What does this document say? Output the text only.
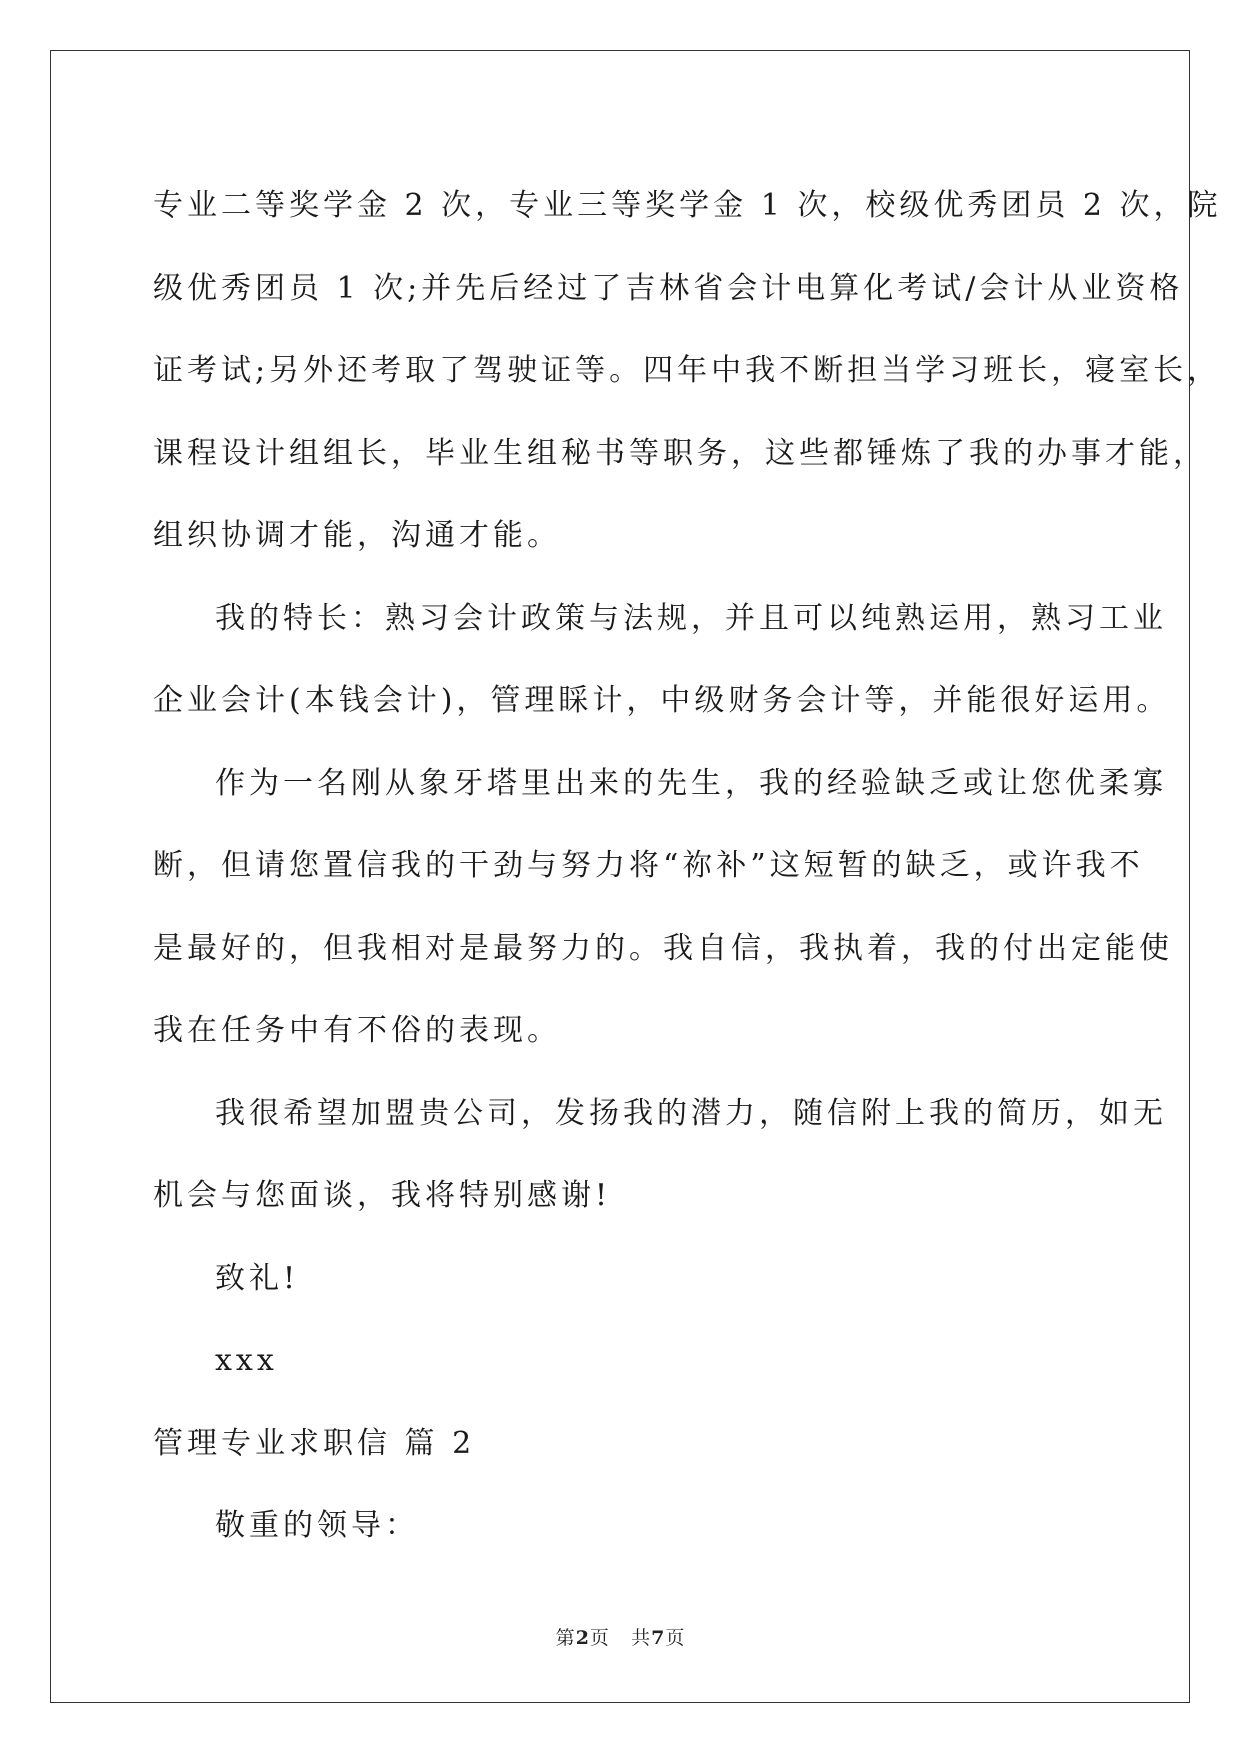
专业二等奖学金 2 次，专业三等奖学金 1 次，校级优秀团员 2 次，院
级优秀团员 1 次;并先后经过了吉林省会计电算化考试/会计从业资格
证考试;另外还考取了驾驶证等。四年中我不断担当学习班长，寝室长，
课程设计组组长，毕业生组秘书等职务，这些都锤炼了我的办事才能，
组织协调才能，沟通才能。

我的特长：熟习会计政策与法规，并且可以纯熟运用，熟习工业
企业会计(本钱会计)，管理睬计，中级财务会计等，并能很好运用。

作为一名刚从象牙塔里出来的先生，我的经验缺乏或让您优柔寡
断，但请您置信我的干劲与努力将“祢补”这短暂的缺乏，或许我不
是最好的，但我相对是最努力的。我自信，我执着，我的付出定能使
我在任务中有不俗的表现。

我很希望加盟贵公司，发扬我的潜力，随信附上我的简历，如无
机会与您面谈，我将特别感谢!

致礼!

xxx

管理专业求职信 篇 2

敬重的领导：

第2页 共7页
